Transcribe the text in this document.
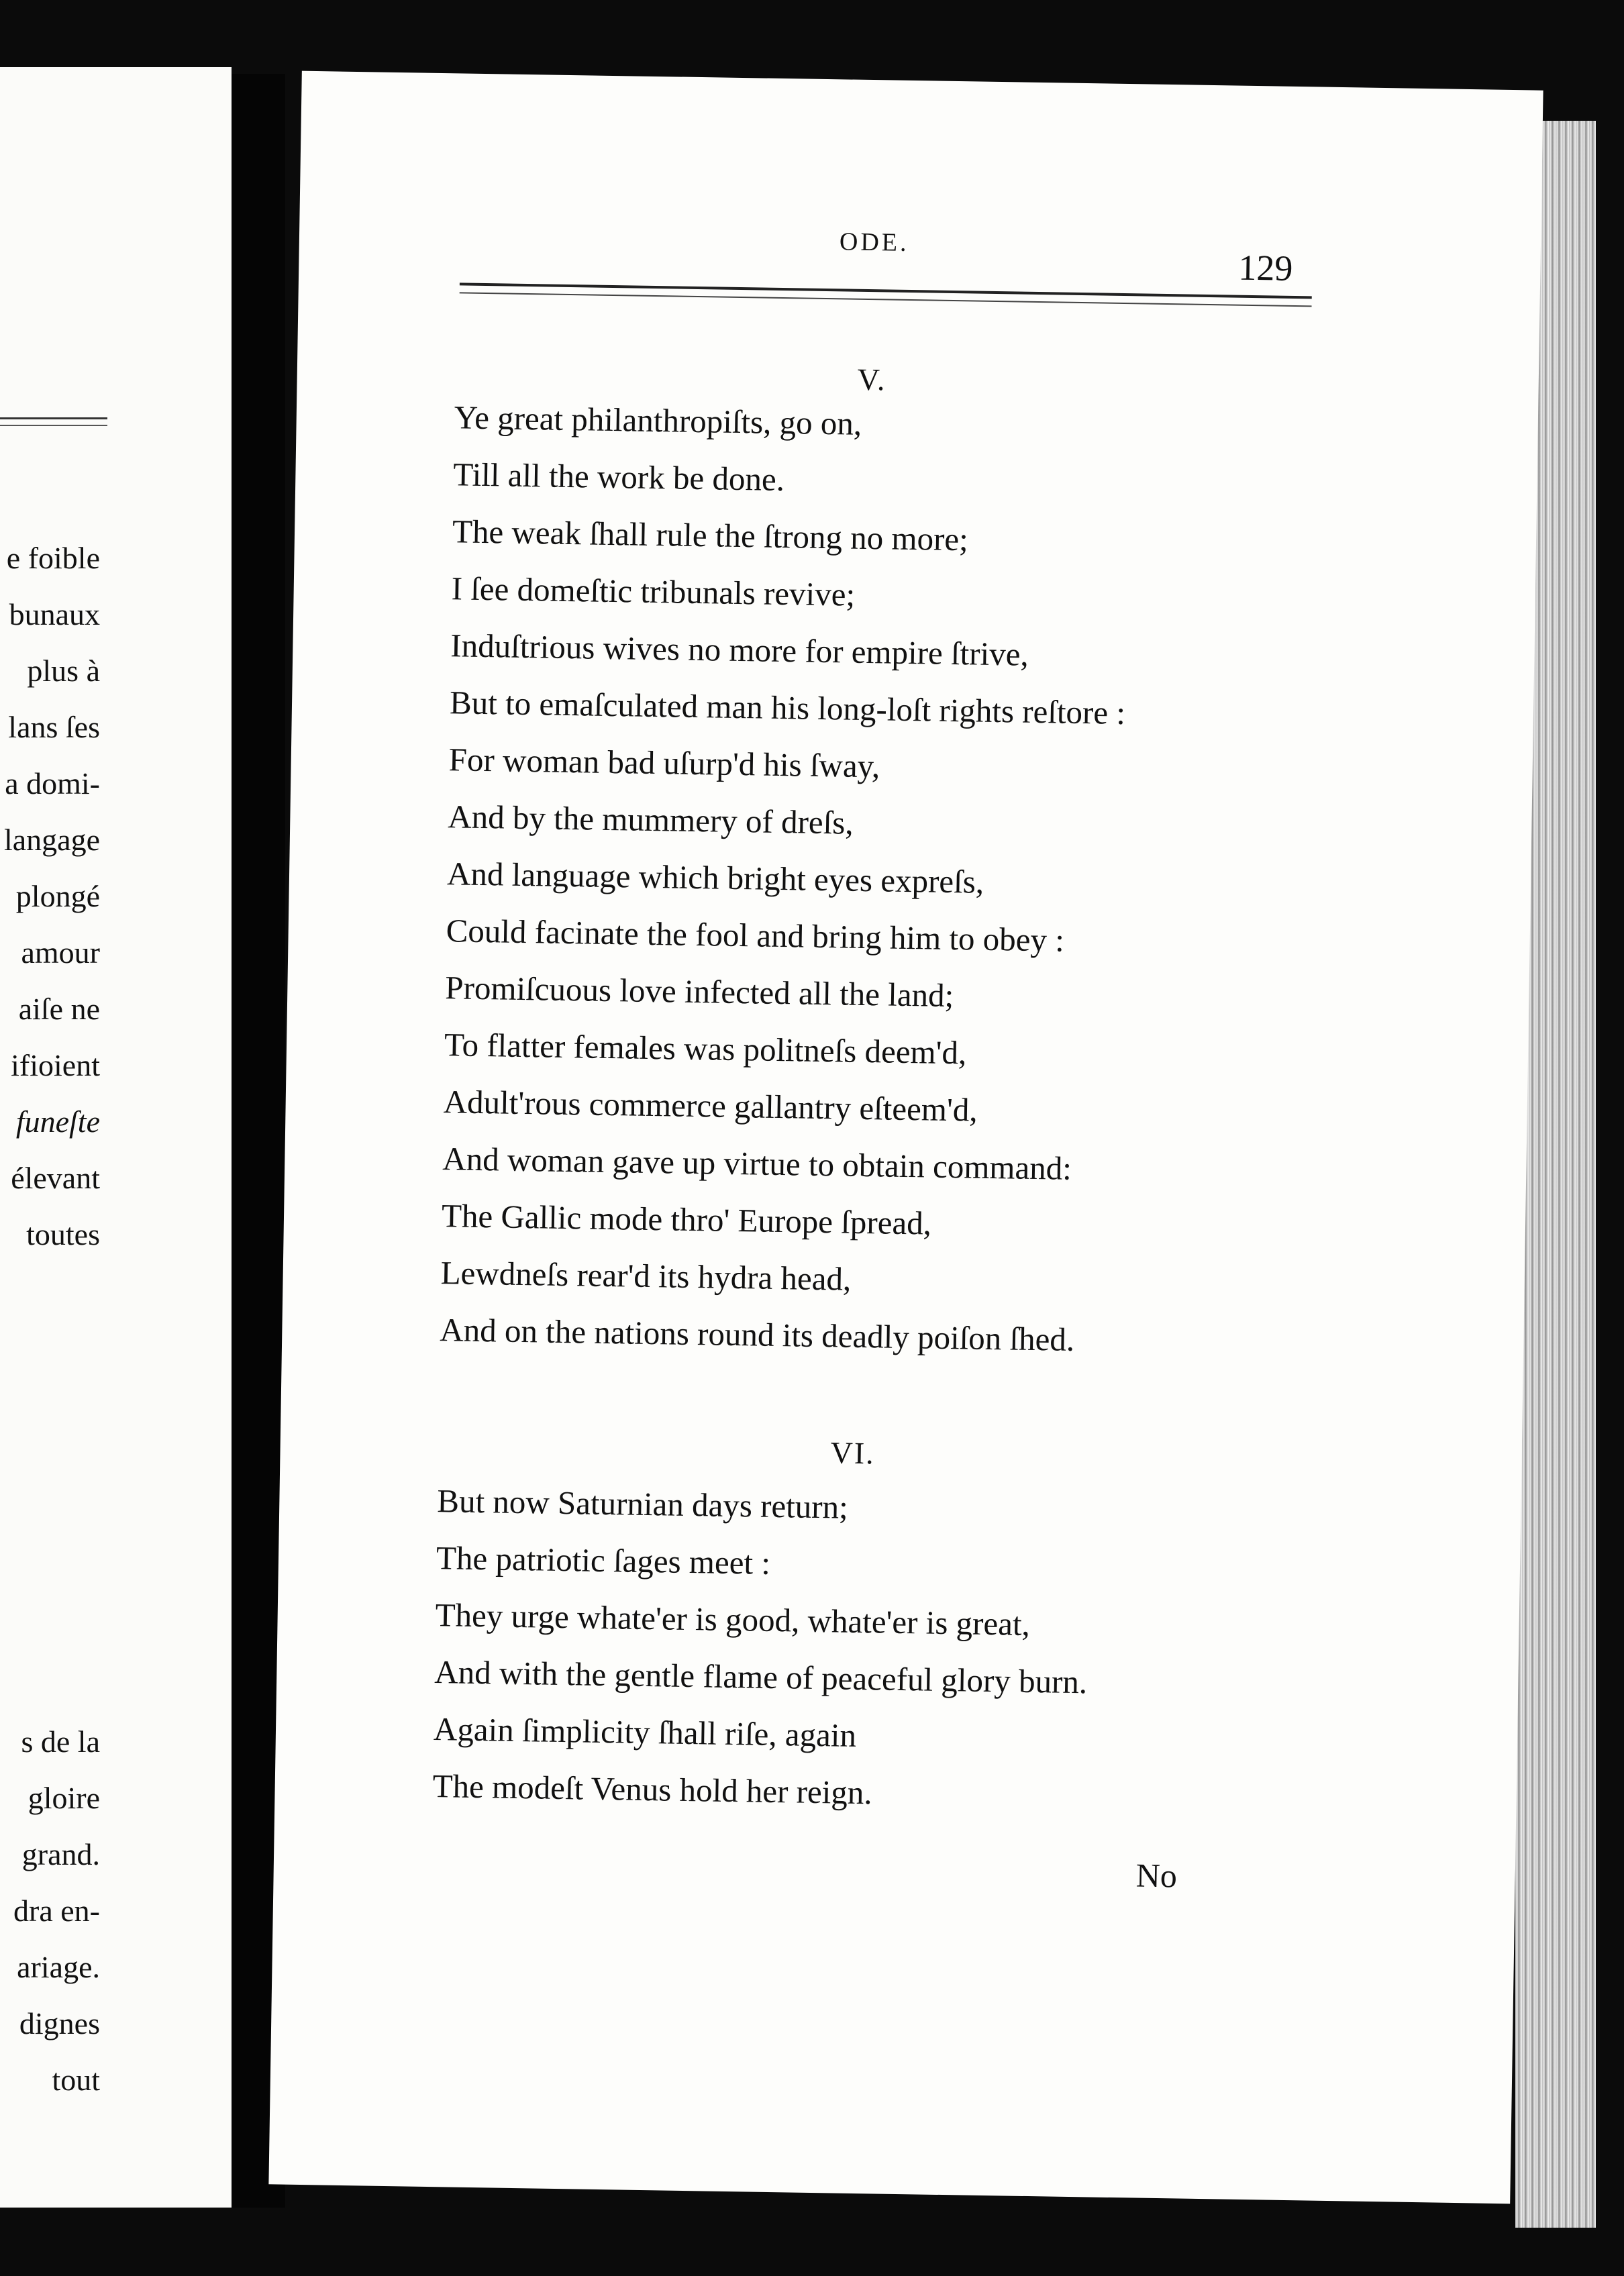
e foible
bunaux
plus à
lans ſes
a domi-
langage
plongé
amour
aiſe ne
ifioient
funeſte
élevant
toutes
s de la
gloire
grand.
dra en-
ariage.
dignes
tout
ODE.
129
V.
Ye great philanthropiſts, go on,
Till all the work be done.
The weak ſhall rule the ſtrong no more;
I ſee domeſtic tribunals revive;
Induſtrious wives no more for empire ſtrive,
But to emaſculated man his long-loſt rights reſtore :
For woman bad uſurp'd his ſway,
And by the mummery of dreſs,
And language which bright eyes expreſs,
Could facinate the fool and bring him to obey :
Promiſcuous love infected all the land;
To flatter females was politneſs deem'd,
Adult'rous commerce gallantry eſteem'd,
And woman gave up virtue to obtain command:
The Gallic mode thro' Europe ſpread,
Lewdneſs rear'd its hydra head,
And on the nations round its deadly poiſon ſhed.
VI.
But now Saturnian days return;
The patriotic ſages meet :
They urge whate'er is good, whate'er is great,
And with the gentle flame of peaceful glory burn.
Again ſimplicity ſhall riſe, again
The modeſt Venus hold her reign.
No
